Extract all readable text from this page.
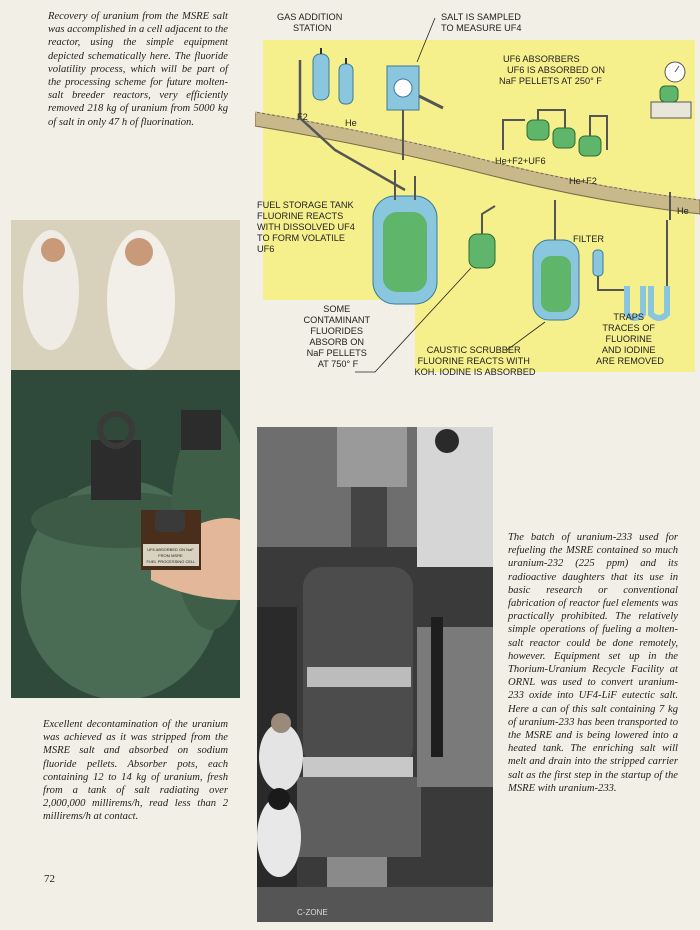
Recovery of uranium from the MSRE salt was accomplished in a cell adjacent to the reactor, using the simple equipment depicted schematically here. The fluoride volatility process, which will be part of the processing scheme for future molten-salt breeder reactors, very efficiently removed 218 kg of uranium from 5000 kg of salt in only 47 h of fluorination.	F2
He
GAS ADDITION STATION
SALT IS SAMPLED TO MEASURE UF4
UF6 ABSORBERS UF6 IS ABSORBED ON NaF PELLETS AT 250° F
He+F2+UF6
He+F2
He
FUEL STORAGE TANK FLUORINE REACTS WITH DISSOLVED UF4 TO FORM VOLATILE UF6
FILTER
SOME CONTAMINANT FLUORIDES ABSORB ON NaF PELLETS AT 750° F
CAUSTIC SCRUBBER FLUORINE REACTS WITH KOH. IODINE IS ABSORBED
TRAPS TRACES OF FLUORINE AND IODINE ARE REMOVED
UF6 ABSORBED ON NaF FROM MSRE FUEL PROCESSING CELL

Excellent decontamination of the uranium was achieved as it was stripped from the MSRE salt and absorbed on sodium fluoride pellets. Absorber pots, each containing 12 to 14 kg of uranium, fresh from a tank of salt radiating over 2,000,000 millirems/h, read less than 2 millirems/h at contact.

C-ZONE

The batch of uranium-233 used for refueling the MSRE contained so much uranium-232 (225 ppm) and its radioactive daughters that its use in basic research or conventional fabrication of reactor fuel elements was practically prohibited. The relatively simple operations of fueling a molten-salt reactor could be done remotely, however. Equipment set up in the Thorium-Uranium Recycle Facility at ORNL was used to convert uranium-233 oxide into UF4-LiF eutectic salt. Here a can of this salt containing 7 kg of uranium-233 has been transported to the MSRE and is being lowered into a heated tank. The enriching salt will melt and drain into the stripped carrier salt as the first step in the startup of the MSRE with uranium-233.

72
